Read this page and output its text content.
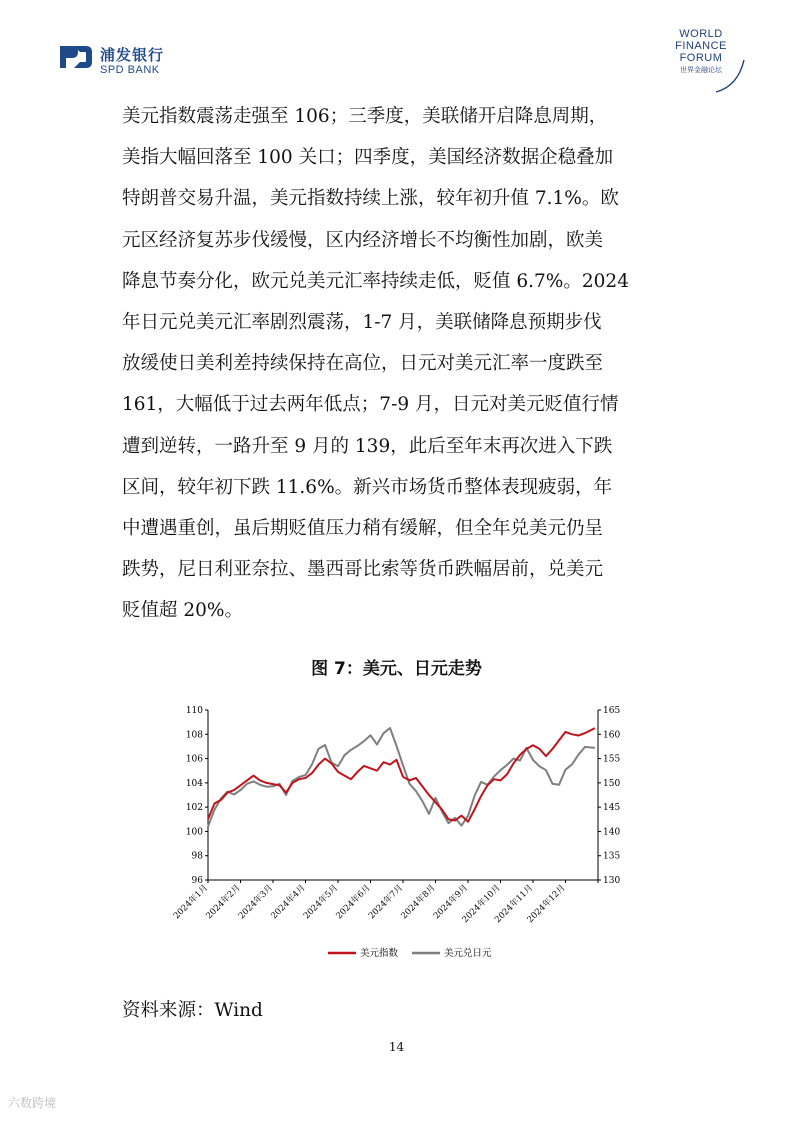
浦发银行
SPD BANK
WORLD
FINANCE
FORUM
世界金融论坛
美元指数震荡走强至 106；三季度，美联储开启降息周期，
美指大幅回落至 100 关口；四季度，美国经济数据企稳叠加
特朗普交易升温，美元指数持续上涨，较年初升值 7.1%。欧
元区经济复苏步伐缓慢，区内经济增长不均衡性加剧，欧美
降息节奏分化，欧元兑美元汇率持续走低，贬值 6.7%。2024
年日元兑美元汇率剧烈震荡，1-7 月，美联储降息预期步伐
放缓使日美利差持续保持在高位，日元对美元汇率一度跌至
161，大幅低于过去两年低点；7-9 月，日元对美元贬值行情
遭到逆转，一路升至 9 月的 139，此后至年末再次进入下跌
区间，较年初下跌 11.6%。新兴市场货币整体表现疲弱，年
中遭遇重创，虽后期贬值压力稍有缓解，但全年兑美元仍呈
跌势，尼日利亚奈拉、墨西哥比索等货币跌幅居前，兑美元
贬值超 20%。
图 7：美元、日元走势
96
98
100
102
104
106
108
110
130
135
140
145
150
155
160
165
2024年1月
2024年2月
2024年3月
2024年4月
2024年5月
2024年6月
2024年7月
2024年8月
2024年9月
2024年10月
2024年11月
2024年12月
美元指数	美元兑日元
资料来源：Wind
14
六数跨境
